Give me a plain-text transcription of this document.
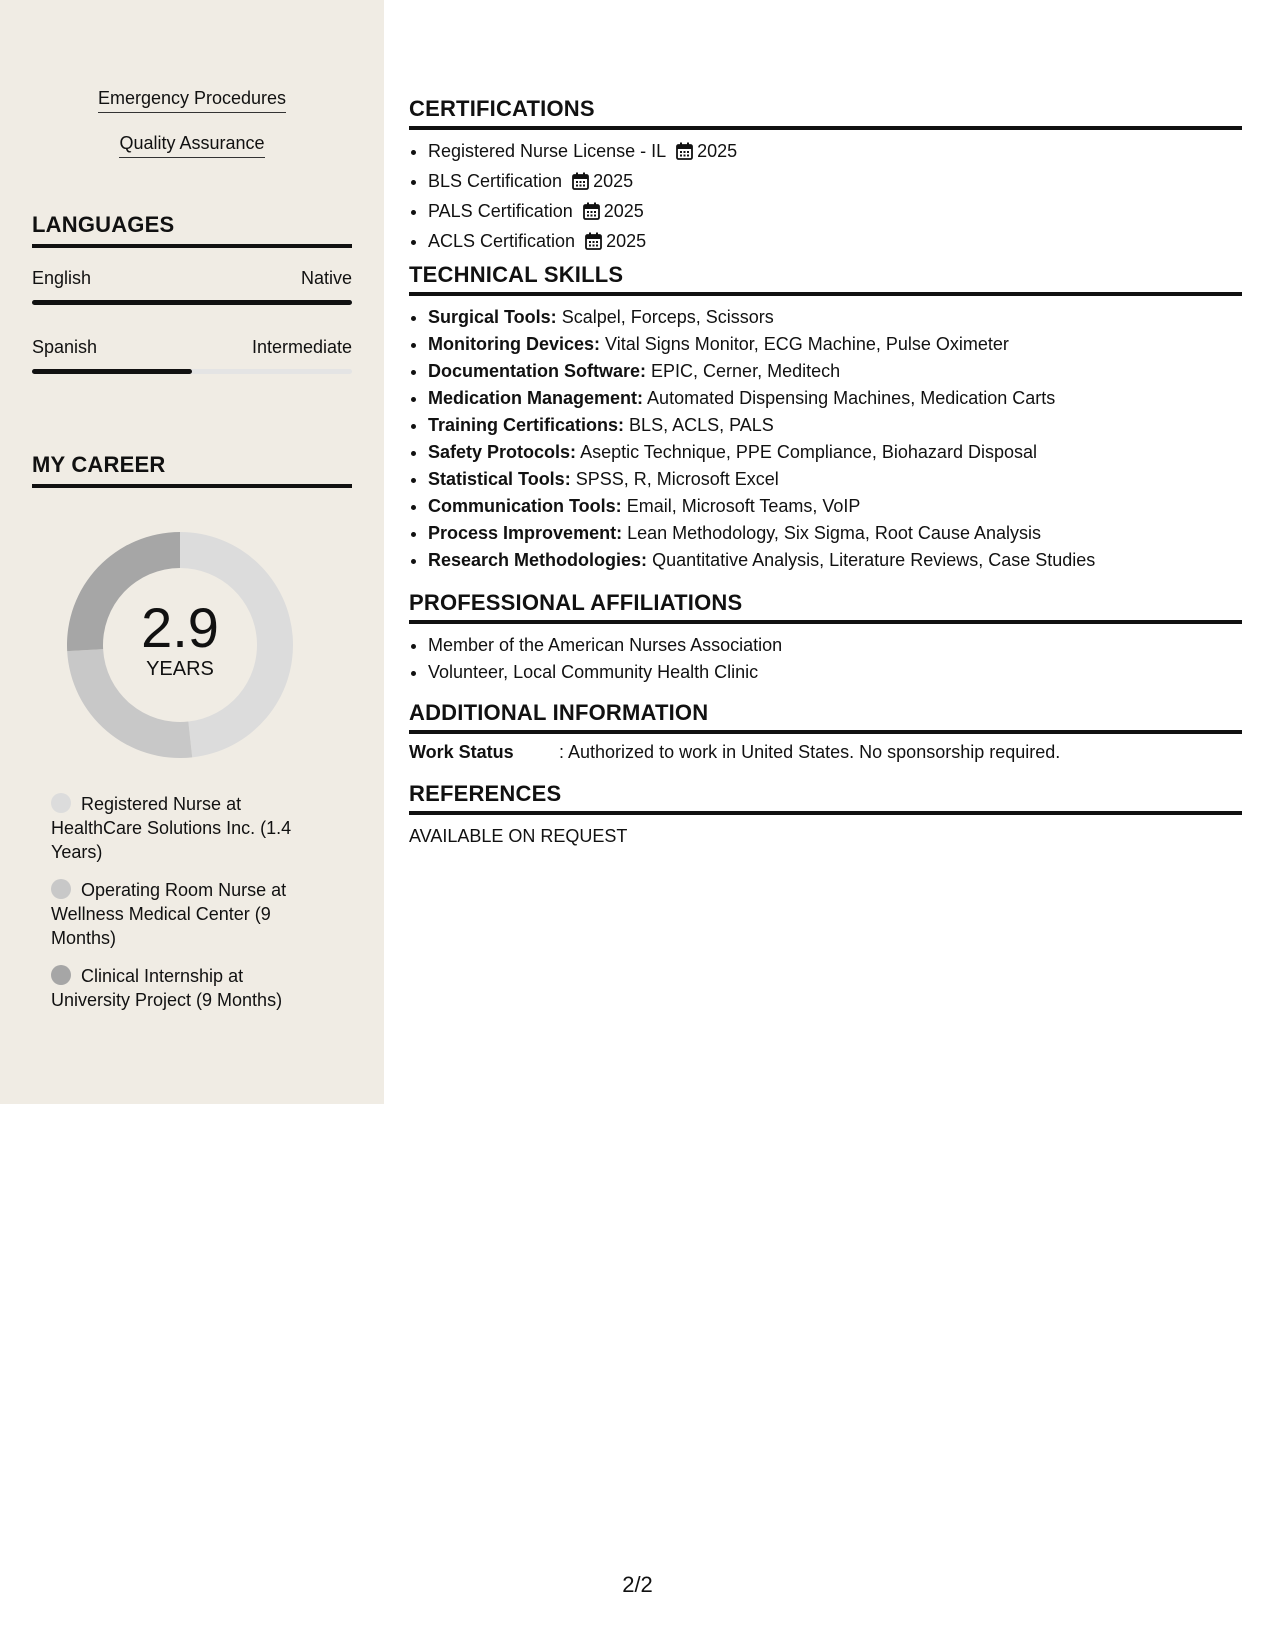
Emergency Procedures
Quality Assurance
LANGUAGES
English	Native
Spanish	Intermediate
MY CAREER
2.9
YEARS
Registered Nurse at HealthCare Solutions Inc. (1.4 Years)
Operating Room Nurse at Wellness Medical Center (9 Months)
Clinical Internship at University Project (9 Months)
CERTIFICATIONS
• Registered Nurse License - IL 2025
• BLS Certification 2025
• PALS Certification 2025
• ACLS Certification 2025
TECHNICAL SKILLS
• Surgical Tools: Scalpel, Forceps, Scissors
• Monitoring Devices: Vital Signs Monitor, ECG Machine, Pulse Oximeter
• Documentation Software: EPIC, Cerner, Meditech
• Medication Management: Automated Dispensing Machines, Medication Carts
• Training Certifications: BLS, ACLS, PALS
• Safety Protocols: Aseptic Technique, PPE Compliance, Biohazard Disposal
• Statistical Tools: SPSS, R, Microsoft Excel
• Communication Tools: Email, Microsoft Teams, VoIP
• Process Improvement: Lean Methodology, Six Sigma, Root Cause Analysis
• Research Methodologies: Quantitative Analysis, Literature Reviews, Case Studies
PROFESSIONAL AFFILIATIONS
• Member of the American Nurses Association
• Volunteer, Local Community Health Clinic
ADDITIONAL INFORMATION
Work Status	: Authorized to work in United States. No sponsorship required.
REFERENCES
AVAILABLE ON REQUEST
2/2
